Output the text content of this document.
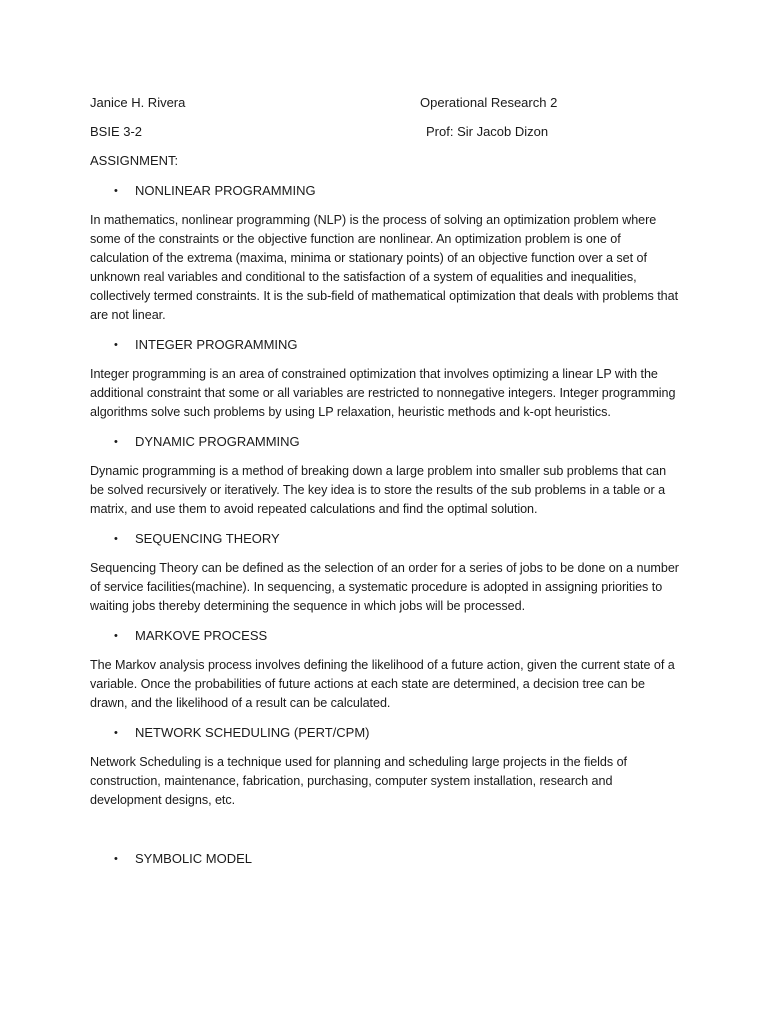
Janice H. Rivera	Operational Research 2
BSIE 3-2	Prof: Sir Jacob Dizon
ASSIGNMENT:
• NONLINEAR PROGRAMMING

In mathematics, nonlinear programming (NLP) is the process of solving an optimization problem where some of the constraints or the objective function are nonlinear. An optimization problem is one of calculation of the extrema (maxima, minima or stationary points) of an objective function over a set of unknown real variables and conditional to the satisfaction of a system of equalities and inequalities, collectively termed constraints. It is the sub-field of mathematical optimization that deals with problems that are not linear.

• INTEGER PROGRAMMING

Integer programming is an area of constrained optimization that involves optimizing a linear LP with the additional constraint that some or all variables are restricted to nonnegative integers. Integer programming algorithms solve such problems by using LP relaxation, heuristic methods and k-opt heuristics.

• DYNAMIC PROGRAMMING

Dynamic programming is a method of breaking down a large problem into smaller sub problems that can be solved recursively or iteratively. The key idea is to store the results of the sub problems in a table or a matrix, and use them to avoid repeated calculations and find the optimal solution.

• SEQUENCING THEORY

Sequencing Theory can be defined as the selection of an order for a series of jobs to be done on a number of service facilities(machine). In sequencing, a systematic procedure is adopted in assigning priorities to waiting jobs thereby determining the sequence in which jobs will be processed.

• MARKOVE PROCESS

The Markov analysis process involves defining the likelihood of a future action, given the current state of a variable. Once the probabilities of future actions at each state are determined, a decision tree can be drawn, and the likelihood of a result can be calculated.

• NETWORK SCHEDULING (PERT/CPM)

Network Scheduling is a technique used for planning and scheduling large projects in the fields of construction, maintenance, fabrication, purchasing, computer system installation, research and development designs, etc.

• SYMBOLIC MODEL
